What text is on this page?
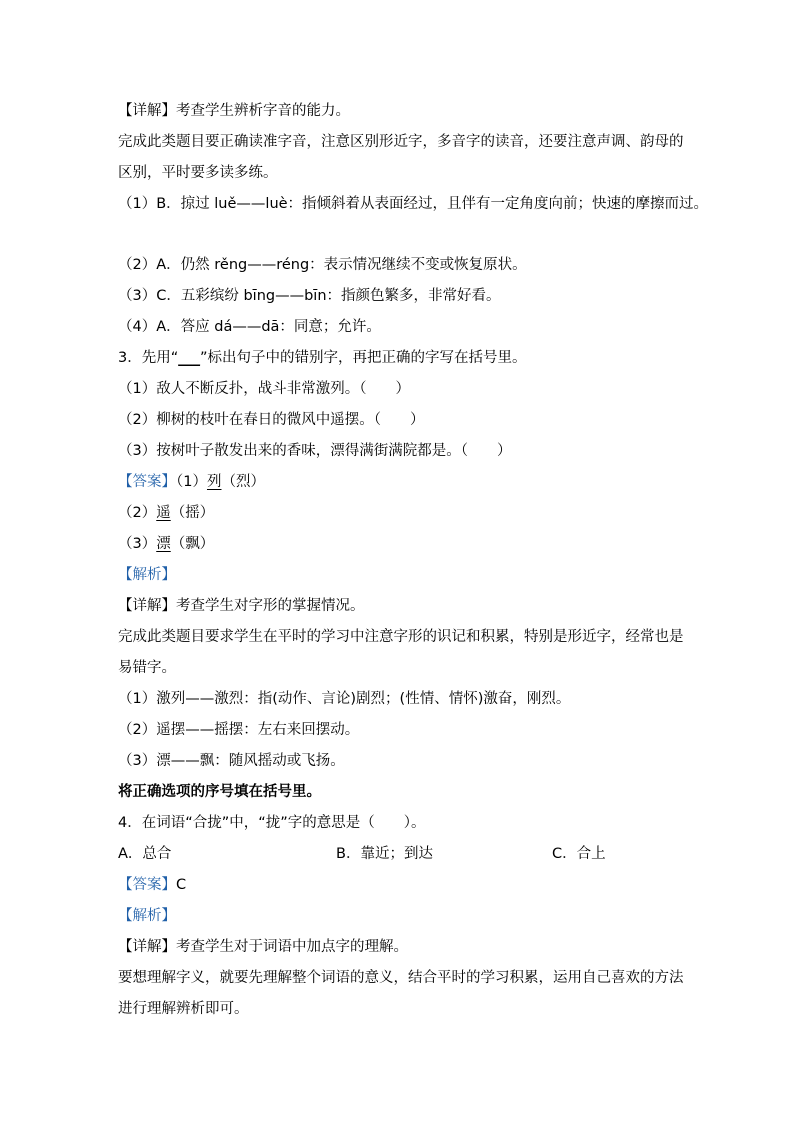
【详解】考查学生辨析字音的能力。
完成此类题目要正确读准字音，注意区别形近字，多音字的读音，还要注意声调、韵母的
区别，平时要多读多练。
（1）B．掠过 luě——luè：指倾斜着从表面经过，且伴有一定角度向前；快速的摩擦而过。
（2）A．仍然 rěng——réng：表示情况继续不变或恢复原状。
（3）C．五彩缤纷 bīng——bīn：指颜色繁多，非常好看。
（4）A．答应 dá——dā：同意；允许。
3．先用“___”标出句子中的错别字，再把正确的字写在括号里。
（1）敌人不断反扑，战斗非常激列。（　　）
（2）柳树的枝叶在春日的微风中遥摆。（　　）
（3）按树叶子散发出来的香味，漂得满街满院都是。（　　）
【答案】（1）列（烈）
（2）遥（摇）
（3）漂（飘）
【解析】
【详解】考查学生对字形的掌握情况。
完成此类题目要求学生在平时的学习中注意字形的识记和积累，特别是形近字，经常也是
易错字。
（1）激列——激烈：指(动作、言论)剧烈；(性情、情怀)激奋，刚烈。
（2）遥摆——摇摆：左右来回摆动。
（3）漂——飘：随风摇动或飞扬。
将正确选项的序号填在括号里。
4．在词语“合拢”中，“拢”字的意思是（　　）。
A．总合	B．靠近；到达	C．合上
【答案】C
【解析】
【详解】考查学生对于词语中加点字的理解。
要想理解字义，就要先理解整个词语的意义，结合平时的学习积累，运用自己喜欢的方法
进行理解辨析即可。
